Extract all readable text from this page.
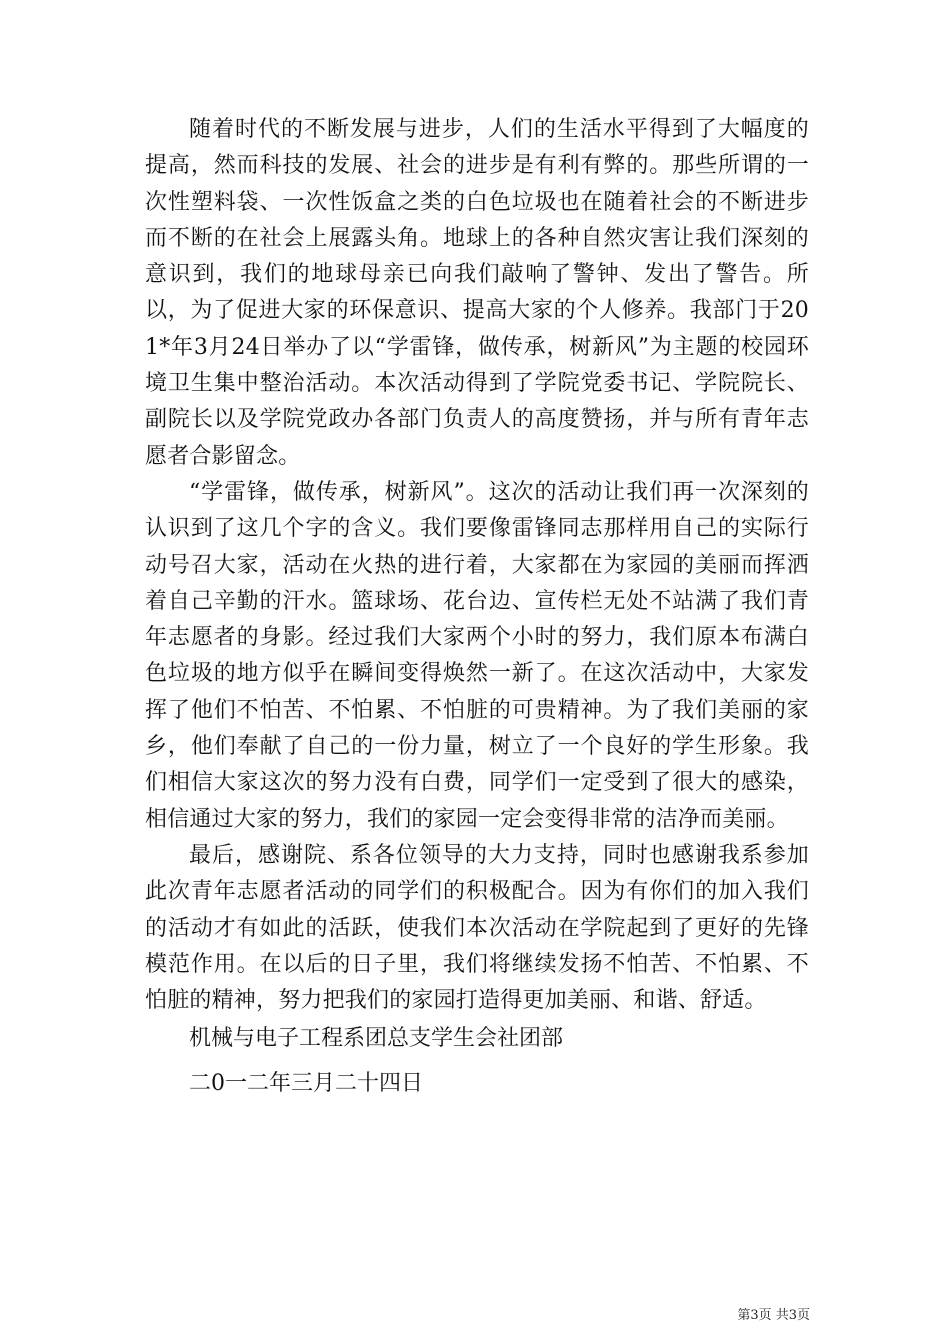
随着时代的不断发展与进步，人们的生活水平得到了大幅度的提高，然而科技的发展、社会的进步是有利有弊的。那些所谓的一次性塑料袋、一次性饭盒之类的白色垃圾也在随着社会的不断进步而不断的在社会上展露头角。地球上的各种自然灾害让我们深刻的意识到，我们的地球母亲已向我们敲响了警钟、发出了警告。所以，为了促进大家的环保意识、提高大家的个人修养。我部门于201*年3月24日举办了以“学雷锋，做传承，树新风”为主题的校园环境卫生集中整治活动。本次活动得到了学院党委书记、学院院长、副院长以及学院党政办各部门负责人的高度赞扬，并与所有青年志愿者合影留念。

“学雷锋，做传承，树新风”。这次的活动让我们再一次深刻的认识到了这几个字的含义。我们要像雷锋同志那样用自己的实际行动号召大家，活动在火热的进行着，大家都在为家园的美丽而挥洒着自己辛勤的汗水。篮球场、花台边、宣传栏无处不站满了我们青年志愿者的身影。经过我们大家两个小时的努力，我们原本布满白色垃圾的地方似乎在瞬间变得焕然一新了。在这次活动中，大家发挥了他们不怕苦、不怕累、不怕脏的可贵精神。为了我们美丽的家乡，他们奉献了自己的一份力量，树立了一个良好的学生形象。我们相信大家这次的努力没有白费，同学们一定受到了很大的感染，相信通过大家的努力，我们的家园一定会变得非常的洁净而美丽。

最后，感谢院、系各位领导的大力支持，同时也感谢我系参加此次青年志愿者活动的同学们的积极配合。因为有你们的加入我们的活动才有如此的活跃，使我们本次活动在学院起到了更好的先锋模范作用。在以后的日子里，我们将继续发扬不怕苦、不怕累、不怕脏的精神，努力把我们的家园打造得更加美丽、和谐、舒适。

机械与电子工程系团总支学生会社团部

二0一二年三月二十四日

第3页 共3页
